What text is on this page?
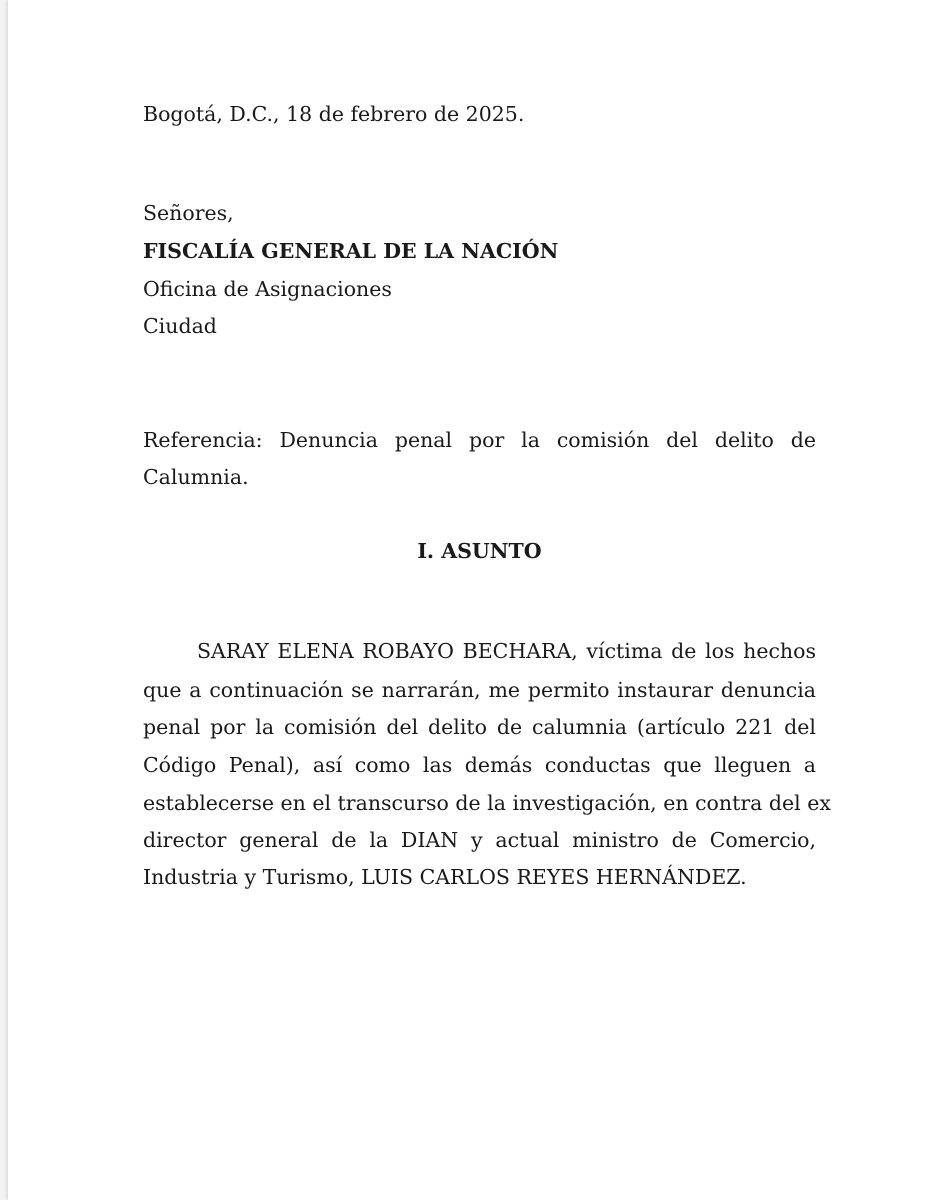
Bogotá, D.C., 18 de febrero de 2025.
Señores,
FISCALÍA GENERAL DE LA NACIÓN
Oficina de Asignaciones
Ciudad
Referencia: Denuncia penal por la comisión del delito de
Calumnia.
I. ASUNTO
SARAY ELENA ROBAYO BECHARA, víctima de los hechos
que a continuación se narrarán, me permito instaurar denuncia
penal por la comisión del delito de calumnia (artículo 221 del
Código Penal), así como las demás conductas que lleguen a
establecerse en el transcurso de la investigación, en contra del ex
director general de la DIAN y actual ministro de Comercio,
Industria y Turismo, LUIS CARLOS REYES HERNÁNDEZ.
